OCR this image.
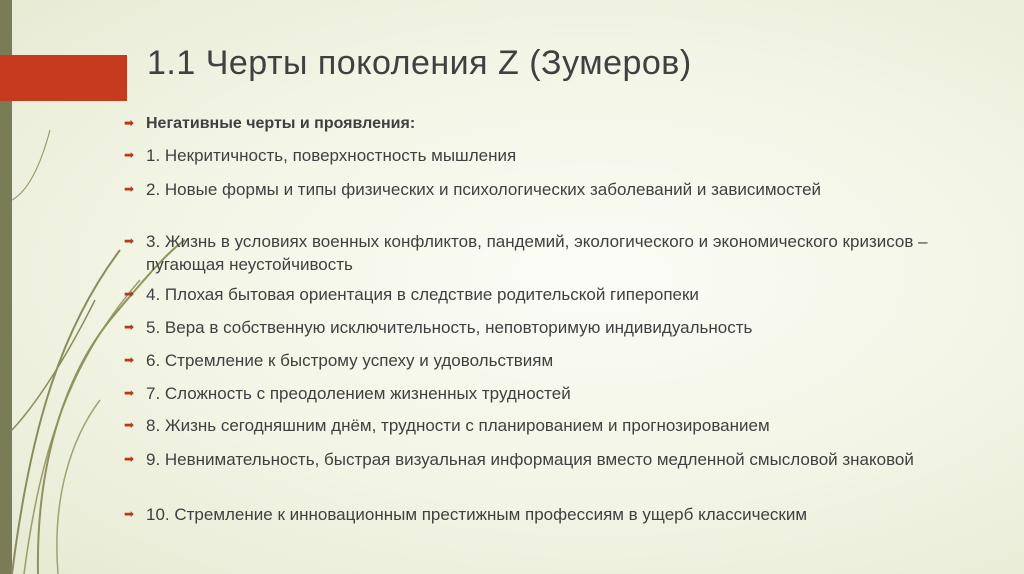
1.1 Черты поколения Z (Зумеров)
➡ Негативные черты и проявления:
➡ 1. Некритичность, поверхностность мышления
➡ 2. Новые формы и типы физических и психологических заболеваний и зависимостей
➡ 3. Жизнь в условиях военных конфликтов, пандемий, экологического и экономического кризисов – пугающая неустойчивость
➡ 4. Плохая бытовая ориентация в следствие родительской гиперопеки
➡ 5. Вера в собственную исключительность, неповторимую индивидуальность
➡ 6. Стремление к быстрому успеху и удовольствиям
➡ 7. Сложность с преодолением жизненных трудностей
➡ 8. Жизнь сегодняшним днём, трудности с планированием и прогнозированием
➡ 9. Невнимательность, быстрая визуальная информация вместо медленной смысловой знаковой
➡ 10. Стремление к инновационным престижным профессиям в ущерб классическим
